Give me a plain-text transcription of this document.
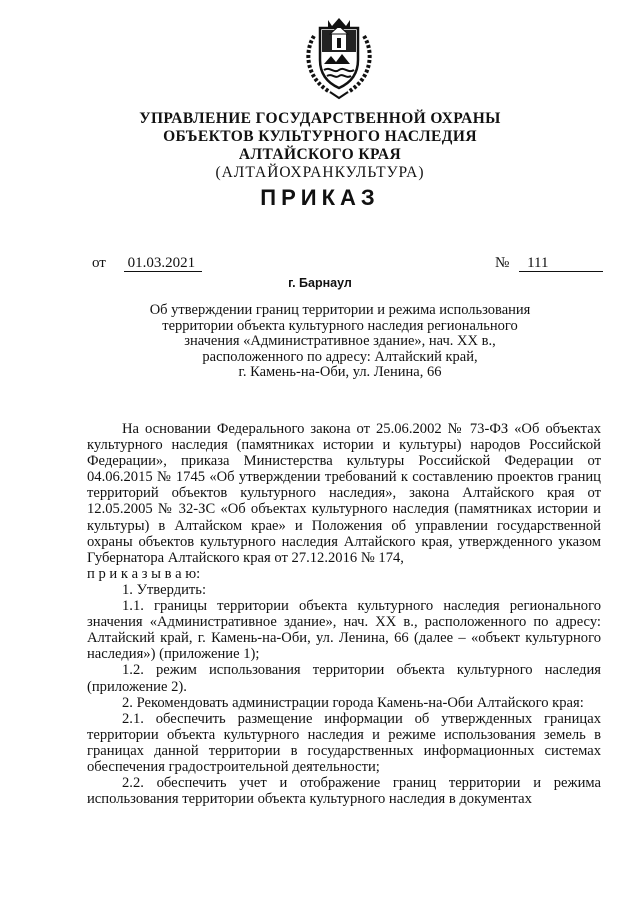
УПРАВЛЕНИЕ ГОСУДАРСТВЕННОЙ ОХРАНЫ
ОБЪЕКТОВ КУЛЬТУРНОГО НАСЛЕДИЯ
АЛТАЙСКОГО КРАЯ
(АЛТАЙОХРАНКУЛЬТУРА)
ПРИКАЗ
от 01.03.2021	№ 111
г. Барнаул
Об утверждении границ территории и режима использования
территории объекта культурного наследия регионального
значения «Административное здание», нач. XX в.,
расположенного по адресу: Алтайский край,
г. Камень-на-Оби, ул. Ленина, 66

На основании Федерального закона от 25.06.2002 № 73-ФЗ «Об объектах культурного наследия (памятниках истории и культуры) народов Российской Федерации», приказа Министерства культуры Российской Федерации от 04.06.2015 № 1745 «Об утверждении требований к составлению проектов границ территорий объектов культурного наследия», закона Алтайского края от 12.05.2005 № 32-ЗС «Об объектах культурного наследия (памятниках истории и культуры) в Алтайском крае» и Положения об управлении государственной охраны объектов культурного наследия Алтайского края, утвержденного указом Губернатора Алтайского края от 27.12.2016 № 174,

п р и к а з ы в а ю:

1. Утвердить:

1.1. границы территории объекта культурного наследия регионального значения «Административное здание», нач. XX в., расположенного по адресу: Алтайский край, г. Камень-на-Оби, ул. Ленина, 66 (далее – «объект культурного наследия») (приложение 1);

1.2. режим использования территории объекта культурного наследия (приложение 2).

2. Рекомендовать администрации города Камень-на-Оби Алтайского края:

2.1. обеспечить размещение информации об утвержденных границах территории объекта культурного наследия и режиме использования земель в границах данной территории в государственных информационных системах обеспечения градостроительной деятельности;

2.2. обеспечить учет и отображение границ территории и режима использования территории объекта культурного наследия в документах
